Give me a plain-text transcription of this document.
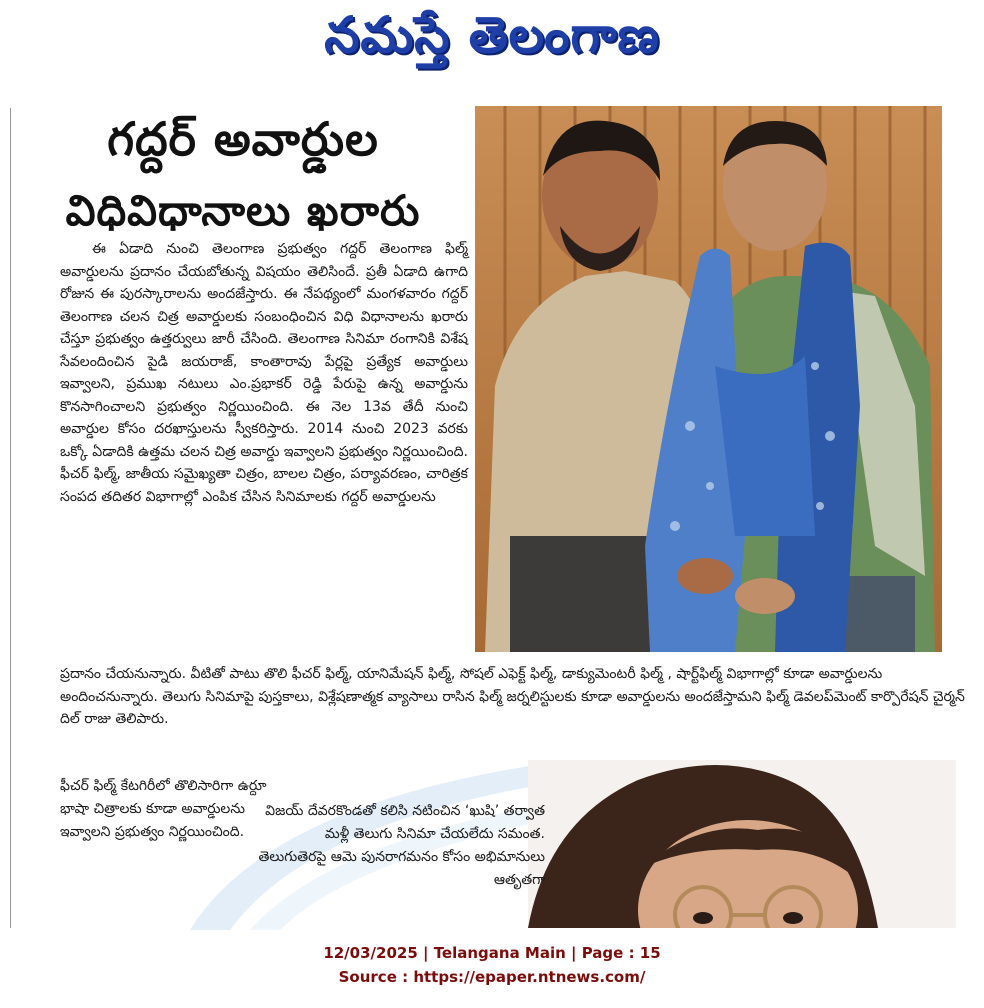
నమస్తే తెలంగాణ
గద్దర్ అవార్డుల
విధివిధానాలు ఖరారు

ఈ ఏడాది నుంచి తెలంగాణ ప్రభుత్వం గద్దర్ తెలంగాణ ఫిల్మ్ అవార్డులను ప్రదానం చేయబోతున్న విషయం తెలిసిందే. ప్రతీ ఏడాది ఉగాది రోజున ఈ పురస్కారాలను అందజేస్తారు. ఈ నేపథ్యంలో మంగళవారం గద్దర్ తెలంగాణ చలన చిత్ర అవార్డులకు సంబంధించిన విధి విధానాలను ఖరారు చేస్తూ ప్రభుత్వం ఉత్తర్వులు జారీ చేసింది. తెలంగాణ సినిమా రంగానికి విశేష సేవలందించిన పైడి జయరాజ్, కాంతారావు పేర్లపై ప్రత్యేక అవార్డులు ఇవ్వాలని, ప్రముఖ నటులు ఎం.ప్రభాకర్ రెడ్డి పేరుపై ఉన్న అవార్డును కొనసాగించాలని ప్రభుత్వం నిర్ణయించింది. ఈ నెల 13వ తేదీ నుంచి అవార్డుల కోసం దరఖాస్తులను స్వీకరిస్తారు. 2014 నుంచి 2023 వరకు ఒక్కో ఏడాదికి ఉత్తమ చలన చిత్ర అవార్డు ఇవ్వాలని ప్రభుత్వం నిర్ణయించింది. ఫీచర్ ఫిల్మ్, జాతీయ సమైఖ్యతా చిత్రం, బాలల చిత్రం, పర్యావరణం, చారిత్రక సంపద తదితర విభాగాల్లో ఎంపిక చేసిన సినిమాలకు గద్దర్ అవార్డులను

ప్రదానం చేయనున్నారు. వీటితో పాటు తొలి ఫీచర్ ఫిల్మ్, యానిమేషన్ ఫిల్మ్, సోషల్ ఎఫెక్ట్ ఫిల్మ్, డాక్యుమెంటరీ ఫిల్మ్ , షార్ట్‌ఫిల్మ్ విభాగాల్లో కూడా అవార్డులను అందించనున్నారు. తెలుగు సినిమాపై పుస్తకాలు, విశ్లేషణాత్మక వ్యాసాలు రాసిన ఫిల్మ్ జర్నలిస్టులకు కూడా అవార్డులను అందజేస్తామని ఫిల్మ్ డెవలప్‌మెంట్ కార్పొరేషన్ చైర్మన్ దిల్ రాజు తెలిపారు.
ఫీచర్ ఫిల్మ్ కేటగిరీలో తొలిసారిగా ఉర్దూ భాషా చిత్రాలకు కూడా అవార్డులను ఇవ్వాలని ప్రభుత్వం నిర్ణయించింది.
విజయ్ దేవరకొండతో కలిసి నటించిన ‘ఖుషి’ తర్వాత మళ్లీ తెలుగు సినిమా చేయలేదు సమంత. తెలుగుతెరపై ఆమె పునరాగమనం కోసం అభిమానులు ఆతృతగా
12/03/2025 | Telangana Main | Page : 15
Source : https://epaper.ntnews.com/
